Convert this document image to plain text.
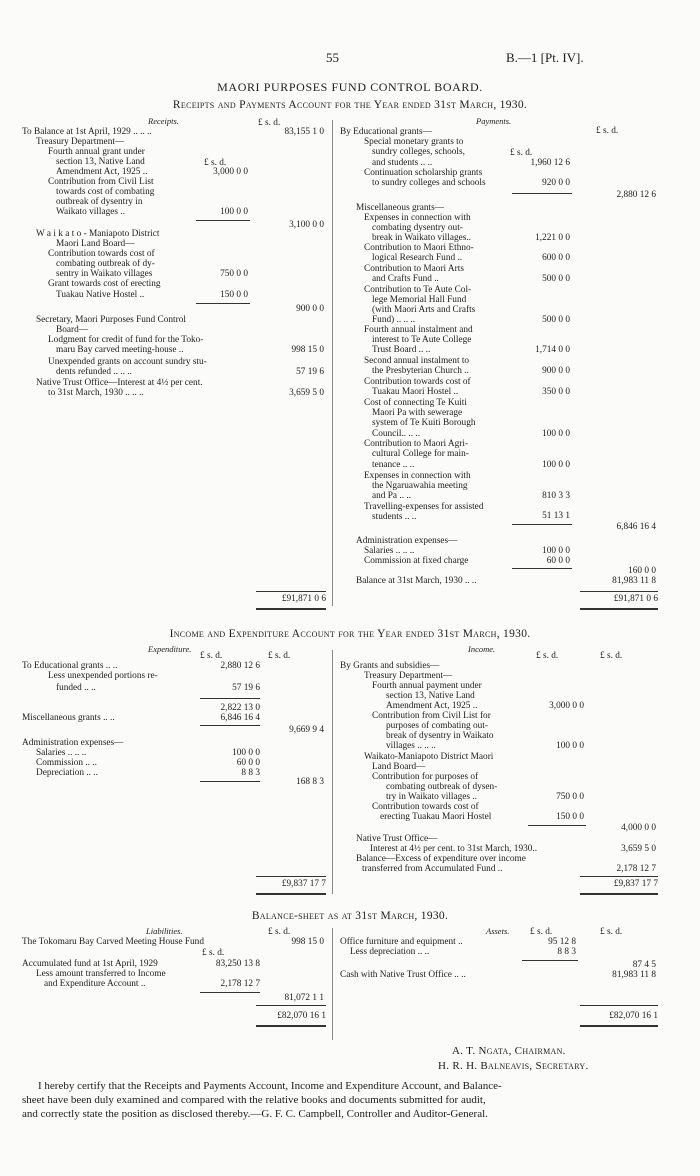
55	B.—1 [Pt. IV].
MAORI PURPOSES FUND CONTROL BOARD.
Receipts and Payments Account for the Year ended 31st March, 1930.
Receipts.	£ s. d.	Payments.
£ s. d.
To Balance at 1st April, 1929 .. .. ..	83,155 1 0
Treasury Department—
Fourth annual grant under
section 13, Native Land	£ s. d.
Amendment Act, 1925 ..	3,000 0 0
Contribution from Civil List
towards cost of combating
outbreak of dysentry in
Waikato villages ..	100 0 0
3,100 0 0
W a i k a t o - Maniapoto District
Maori Land Board—
Contribution towards cost of
combating outbreak of dy-
sentry in Waikato villages	750 0 0
Grant towards cost of erecting
Tuakau Native Hostel ..	150 0 0
900 0 0
Secretary, Maori Purposes Fund Control
Board—
Lodgment for credit of fund for the Toko-
maru Bay carved meeting-house ..	998 15 0
Unexpended grants on account sundry stu-
dents refunded .. .. ..	57 19 6
Native Trust Office—Interest at 4½ per cent.
to 31st March, 1930 .. .. ..	3,659 5 0
£91,871 0 6
By Educational grants—
Special monetary grants to
sundry colleges, schools,	£ s. d.
and students .. ..	1,960 12 6
Continuation scholarship grants
to sundry colleges and schools	920 0 0
2,880 12 6
Miscellaneous grants—
Expenses in connection with
combating dysentry out-
break in Waikato villages..	1,221 0 0
Contribution to Maori Ethno-
logical Research Fund ..	600 0 0
Contribution to Maori Arts
and Crafts Fund ..	500 0 0
Contribution to Te Aute Col-
lege Memorial Hall Fund
(with Maori Arts and Crafts
Fund) .. .. ..	500 0 0
Fourth annual instalment and
interest to Te Aute College
Trust Board .. ..	1,714 0 0
Second annual instalment to
the Presbyterian Church ..	900 0 0
Contribution towards cost of
Tuakau Maori Hostel ..	350 0 0
Cost of connecting Te Kuiti
Maori Pa with sewerage
system of Te Kuiti Borough
Council.. .. ..	100 0 0
Contribution to Maori Agri-
cultural College for main-
tenance .. ..	100 0 0
Expenses in connection with
the Ngaruawahia meeting
and Pa .. ..	810 3 3
Travelling-expenses for assisted
students .. ..	51 13 1
6,846 16 4
Administration expenses—
Salaries .. .. ..	100 0 0
Commission at fixed charge	60 0 0
160 0 0
Balance at 31st March, 1930 .. ..	81,983 11 8
£91,871 0 6
Income and Expenditure Account for the Year ended 31st March, 1930.
Expenditure.	Income.
£ s. d.	£ s. d.	£ s. d.	£ s. d.
To Educational grants .. ..	2,880 12 6
Less unexpended portions re-
funded .. ..	57 19 6
2,822 13 0
Miscellaneous grants .. ..	6,846 16 4
9,669 9 4
Administration expenses—
Salaries .. .. ..	100 0 0
Commission .. ..	60 0 0
Depreciation .. ..	8 8 3
168 8 3
£9,837 17 7
By Grants and subsidies—
Treasury Department—
Fourth annual payment under
section 13, Native Land
Amendment Act, 1925 ..	3,000 0 0
Contribution from Civil List for
purposes of combating out-
break of dysentry in Waikato
villages .. .. ..	100 0 0
Waikato-Maniapoto District Maori
Land Board—
Contribution for purposes of
combating outbreak of dysen-
try in Waikato villages ..	750 0 0
Contribution towards cost of
erecting Tuakau Maori Hostel	150 0 0
4,000 0 0
Native Trust Office—
Interest at 4½ per cent. to 31st March, 1930..	3,659 5 0
Balance—Excess of expenditure over income
transferred from Accumulated Fund ..	2,178 12 7
£9,837 17 7
Balance-sheet as at 31st March, 1930.
Liabilities.	£ s. d.	Assets. £ s. d.	£ s. d.
The Tokomaru Bay Carved Meeting House Fund	998 15 0
£ s. d.
Accumulated fund at 1st April, 1929	83,250 13 8
Less amount transferred to Income
and Expenditure Account ..	2,178 12 7
81,072 1 1
£82,070 16 1
Office furniture and equipment ..	95 12 8
Less depreciation .. ..	8 8 3
87 4 5
Cash with Native Trust Office .. ..	81,983 11 8
£82,070 16 1
A. T. Ngata, Chairman.
H. R. H. Balneavis, Secretary.
I hereby certify that the Receipts and Payments Account, Income and Expenditure Account, and Balance-
sheet have been duly examined and compared with the relative books and documents submitted for audit,
and correctly state the position as disclosed thereby.—G. F. C. Campbell, Controller and Auditor-General.
